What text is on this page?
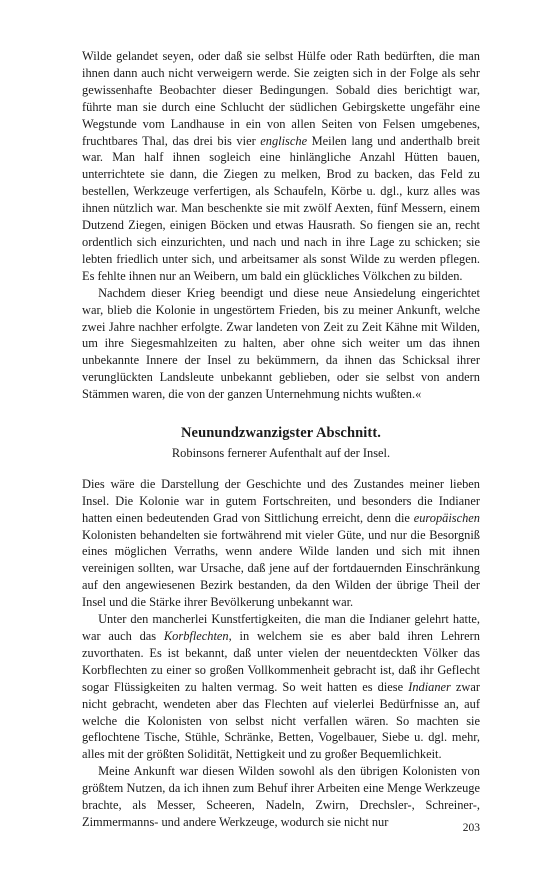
Wilde gelandet seyen, oder daß sie selbst Hülfe oder Rath bedürften, die man ihnen dann auch nicht verweigern werde. Sie zeigten sich in der Folge als sehr gewissenhafte Beobachter dieser Bedingungen. Sobald dies berichtigt war, führte man sie durch eine Schlucht der südlichen Gebirgskette ungefähr eine Wegstunde vom Landhause in ein von allen Seiten von Felsen umgebenes, fruchtbares Thal, das drei bis vier englische Meilen lang und anderthalb breit war. Man half ihnen sogleich eine hinlängliche Anzahl Hütten bauen, unterrichtete sie dann, die Ziegen zu melken, Brod zu backen, das Feld zu bestellen, Werkzeuge verfertigen, als Schaufeln, Körbe u. dgl., kurz alles was ihnen nützlich war. Man beschenkte sie mit zwölf Aexten, fünf Messern, einem Dutzend Ziegen, einigen Böcken und etwas Hausrath. So fiengen sie an, recht ordentlich sich einzurichten, und nach und nach in ihre Lage zu schicken; sie lebten friedlich unter sich, und arbeitsamer als sonst Wilde zu werden pflegen. Es fehlte ihnen nur an Weibern, um bald ein glückliches Völkchen zu bilden.

Nachdem dieser Krieg beendigt und diese neue Ansiedelung eingerichtet war, blieb die Kolonie in ungestörtem Frieden, bis zu meiner Ankunft, welche zwei Jahre nachher erfolgte. Zwar landeten von Zeit zu Zeit Kähne mit Wilden, um ihre Siegesmahlzeiten zu halten, aber ohne sich weiter um das ihnen unbekannte Innere der Insel zu bekümmern, da ihnen das Schicksal ihrer verunglückten Landsleute unbekannt geblieben, oder sie selbst von andern Stämmen waren, die von der ganzen Unternehmung nichts wußten.«

Neunundzwanzigster Abschnitt.
Robinsons fernerer Aufenthalt auf der Insel.

Dies wäre die Darstellung der Geschichte und des Zustandes meiner lieben Insel. Die Kolonie war in gutem Fortschreiten, und besonders die Indianer hatten einen bedeutenden Grad von Sittlichung erreicht, denn die europäischen Kolonisten behandelten sie fortwährend mit vieler Güte, und nur die Besorgniß eines möglichen Verraths, wenn andere Wilde landen und sich mit ihnen vereinigen sollten, war Ursache, daß jene auf der fortdauernden Einschränkung auf den angewiesenen Bezirk bestanden, da den Wilden der übrige Theil der Insel und die Stärke ihrer Bevölkerung unbekannt war.

Unter den mancherlei Kunstfertigkeiten, die man die Indianer gelehrt hatte, war auch das Korbflechten, in welchem sie es aber bald ihren Lehrern zuvorthaten. Es ist bekannt, daß unter vielen der neuentdeckten Völker das Korbflechten zu einer so großen Vollkommenheit gebracht ist, daß ihr Geflecht sogar Flüssigkeiten zu halten vermag. So weit hatten es diese Indianer zwar nicht gebracht, wendeten aber das Flechten auf vielerlei Bedürfnisse an, auf welche die Kolonisten von selbst nicht verfallen wären. So machten sie geflochtene Tische, Stühle, Schränke, Betten, Vogelbauer, Siebe u. dgl. mehr, alles mit der größten Solidität, Nettigkeit und zu großer Bequemlichkeit.

Meine Ankunft war diesen Wilden sowohl als den übrigen Kolonisten von größtem Nutzen, da ich ihnen zum Behuf ihrer Arbeiten eine Menge Werkzeuge brachte, als Messer, Scheeren, Nadeln, Zwirn, Drechsler-, Schreiner-, Zimmermanns- und andere Werkzeuge, wodurch sie nicht nur	203
